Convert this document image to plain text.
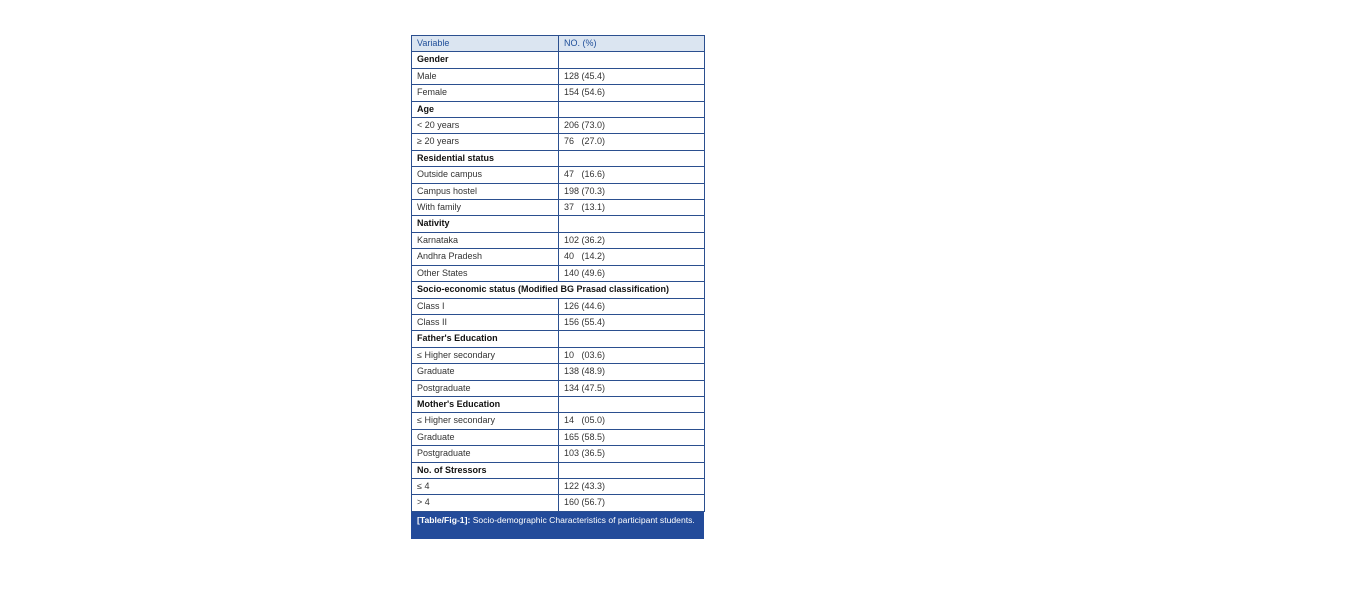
Variable	NO. (%)
Gender	
Male	128 (45.4)
Female	154 (54.6)
Age	
< 20 years	206 (73.0)
≥ 20 years	76   (27.0)
Residential status	
Outside campus	47   (16.6)
Campus hostel	198 (70.3)
With family	37   (13.1)
Nativity	
Karnataka	102 (36.2)
Andhra Pradesh	40   (14.2)
Other States	140 (49.6)
Socio-economic status (Modified BG Prasad classification)	
Class I	126 (44.6)
Class II	156 (55.4)
Father's Education	
≤ Higher secondary	10   (03.6)
Graduate	138 (48.9)
Postgraduate	134 (47.5)
Mother's Education	
≤ Higher secondary	14   (05.0)
Graduate	165 (58.5)
Postgraduate	103 (36.5)
No. of Stressors	
≤ 4	122 (43.3)
> 4	160 (56.7)
[Table/Fig-1]: Socio-demographic Characteristics of participant students.
